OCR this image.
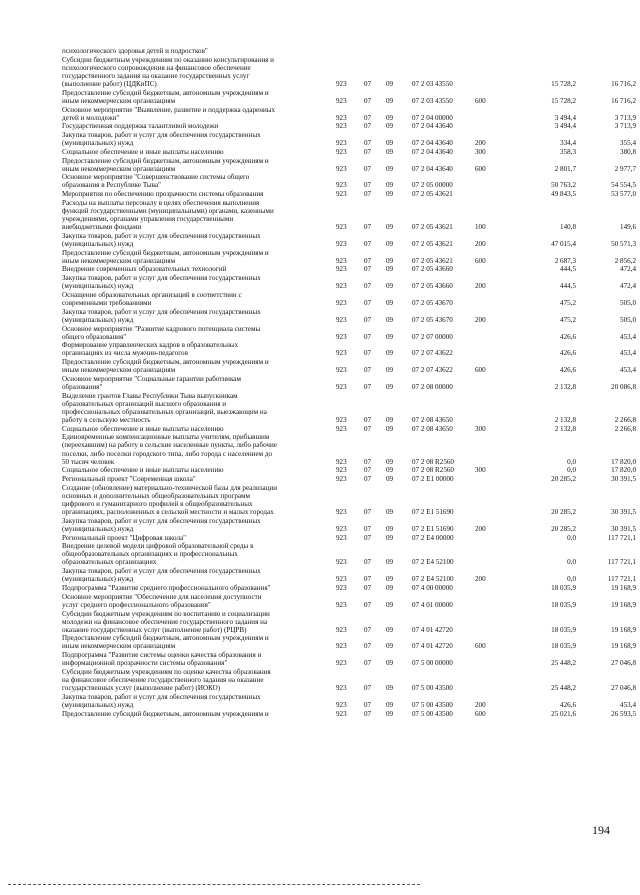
психологического здоровья детей и подростков"
Субсидии бюджетным учреждениям по оказанию консультирования и
психологического сопровождения на финансовое обеспечение
государственного задания на оказание государственных услуг
(выполнение работ) (ЦДКиПС)	923 07 09	07 2 03 43550	15 728,2	16 716,2
Предоставление субсидий бюджетным, автономным учреждениям и
иным некоммерческим организациям	923 07 09	07 2 03 43550	600	15 728,2	16 716,2
Основное мероприятие "Выявление, развитие и поддержка одаренных
детей и молодежи"	923 07 09	07 2 04 00000	3 494,4	3 713,9
Государственная поддержка талантливой молодежи	923 07 09	07 2 04 43640	3 494,4	3 713,9
Закупка товаров, работ и услуг для обеспечения государственных
(муниципальных) нужд	923 07 09	07 2 04 43640	200	334,4	355,4
Социальное обеспечение и иные выплаты населению	923 07 09	07 2 04 43640	300	358,3	380,8
Предоставление субсидий бюджетным, автономным учреждениям и
иным некоммерческим организациям	923 07 09	07 2 04 43640	600	2 801,7	2 977,7
Основное мероприятие "Совершенствование системы общего
образования в Республике Тыва"	923 07 09	07 2 05 00000	50 763,2	54 554,5
Мероприятия по обеспечению прозрачности системы образования	923 07 09	07 2 05 43621	49 843,5	53 577,0
Расходы на выплаты персоналу в целях обеспечения выполнения
функций государственными (муниципальными) органами, казенными
учреждениями, органами управления государственными
внебюджетными фондами	923 07 09	07 2 05 43621	100	140,8	149,6
Закупка товаров, работ и услуг для обеспечения государственных
(муниципальных) нужд	923 07 09	07 2 05 43621	200	47 015,4	50 571,3
Предоставление субсидий бюджетным, автономным учреждениям и
иным некоммерческим организациям	923 07 09	07 2 05 43621	600	2 687,3	2 856,2
Внедрение современных образовательных технологий	923 07 09	07 2 05 43660	444,5	472,4
Закупка товаров, работ и услуг для обеспечения государственных
(муниципальных) нужд	923 07 09	07 2 05 43660	200	444,5	472,4
Оснащение образовательных организаций в соответствии с
современными требованиями	923 07 09	07 2 05 43670	475,2	505,0
Закупка товаров, работ и услуг для обеспечения государственных
(муниципальных) нужд	923 07 09	07 2 05 43670	200	475,2	505,0
Основное мероприятие "Развитие кадрового потенциала системы
общего образования"	923 07 09	07 2 07 00000	426,6	453,4
Формирование управленческих кадров в образовательных
организациях из числа мужчин-педагогов	923 07 09	07 2 07 43622	426,6	453,4
Предоставление субсидий бюджетным, автономным учреждениям и
иным некоммерческим организациям	923 07 09	07 2 07 43622	600	426,6	453,4
Основное мероприятие "Социальные гарантии работникам
образования"	923 07 09	07 2 08 00000	2 132,8	20 086,8
Выделение грантов Главы Республики Тыва выпускникам
образовательных организаций высшего образования и
профессиональных образовательных организаций, выезжающим на
работу в сельскую местность	923 07 09	07 2 08 43650	2 132,8	2 266,8
Социальное обеспечение и иные выплаты населению	923 07 09	07 2 08 43650	300	2 132,8	2 266,8
Единовременные компенсационные выплаты учителям, прибывшим
(переехавшим) на работу в сельские населенные пункты, либо рабочие
поселки, либо поселки городского типа, либо города с населением до
50 тысяч человек	923 07 09	07 2 08 R2560	0,0	17 820,0
Социальное обеспечение и иные выплаты населению	923 07 09	07 2 08 R2560	300	0,0	17 820,0
Региональный проект "Современная школа"	923 07 09	07 2 E1 00000	20 285,2	30 391,5
Создание (обновление) материально-технической базы для реализации
основных и дополнительных общеобразовательных программ
цифрового и гуманитарного профилей в общеобразовательных
организациях, расположенных в сельской местности и малых городах	923 07 09	07 2 E1 51690	20 285,2	30 391,5
Закупка товаров, работ и услуг для обеспечения государственных
(муниципальных) нужд	923 07 09	07 2 E1 51690	200	20 285,2	30 391,5
Региональный проект "Цифровая школа"	923 07 09	07 2 E4 00000	0,0	117 721,1
Внедрение целевой модели цифровой образовательной среды в
общеобразовательных организациях и профессиональных
образовательных организациях	923 07 09	07 2 E4 52100	0,0	117 721,1
Закупка товаров, работ и услуг для обеспечения государственных
(муниципальных) нужд	923 07 09	07 2 E4 52100	200	0,0	117 721,1
Подпрограмма "Развитие среднего профессионального образования"	923 07 09	07 4 00 00000	18 035,9	19 168,9
Основное мероприятие "Обеспечение для населения доступности
услуг среднего профессионального образования"	923 07 09	07 4 01 00000	18 035,9	19 168,9
Субсидии бюджетным учреждениям по воспитанию и социализации
молодежи на финансовое обеспечение государственного задания на
оказание государственных услуг (выполнение работ) (РЦРВ)	923 07 09	07 4 01 42720	18 035,9	19 168,9
Предоставление субсидий бюджетным, автономным учреждениям и
иным некоммерческим организациям	923 07 09	07 4 01 42720	600	18 035,9	19 168,9
Подпрограмма "Развитие системы оценки качества образования и
информационной прозрачности системы образования"	923 07 09	07 5 00 00000	25 448,2	27 046,8
Субсидии бюджетным учреждениям по оценке качества образования
на финансовое обеспечение государственного задания на оказание
государственных услуг (выполнение работ) (ИОКО)	923 07 09	07 5 00 43500	25 448,2	27 046,8
Закупка товаров, работ и услуг для обеспечения государственных
(муниципальных) нужд	923 07 09	07 5 00 43500	200	426,6	453,4
Предоставление субсидий бюджетным, автономным учреждениям и	923 07 09	07 5 00 43500	600	25 021,6	26 593,5
194
